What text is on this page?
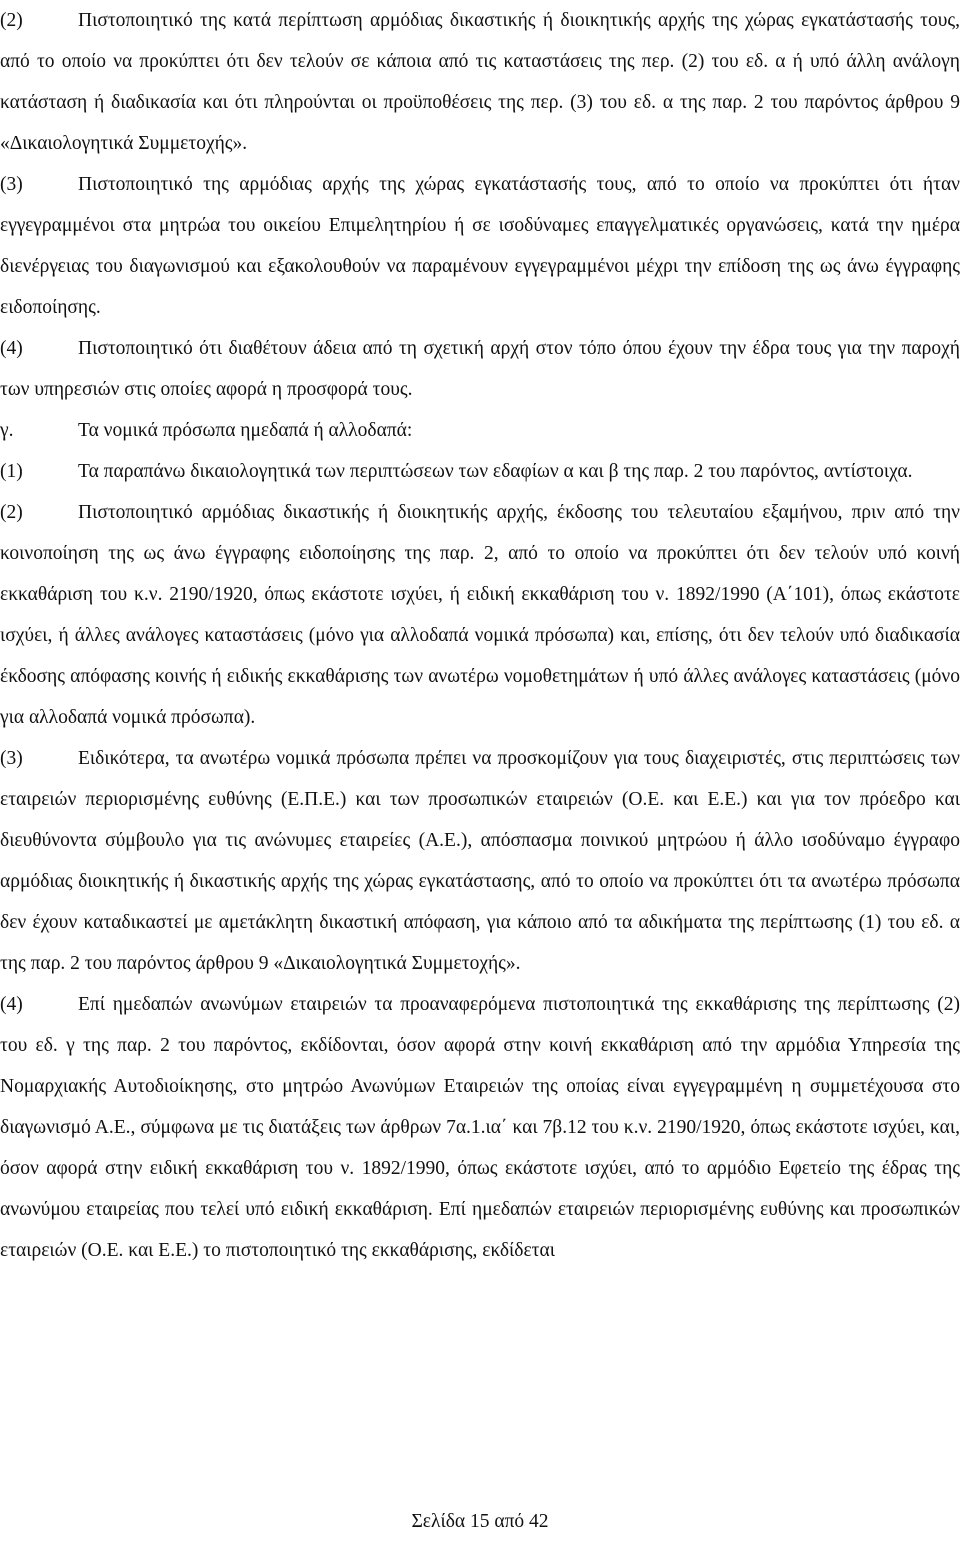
(2)	Πιστοποιητικό της κατά περίπτωση αρμόδιας δικαστικής ή διοικητικής αρχής της χώρας εγκατάστασής τους, από το οποίο να προκύπτει ότι δεν τελούν σε κάποια από τις καταστάσεις της περ. (2) του εδ. α ή υπό άλλη ανάλογη κατάσταση ή διαδικασία και ότι πληρούνται οι προϋποθέσεις της περ. (3) του εδ. α της παρ. 2 του παρόντος άρθρου 9 «Δικαιολογητικά Συμμετοχής».

(3)	Πιστοποιητικό της αρμόδιας αρχής της χώρας εγκατάστασής τους, από το οποίο να προκύπτει ότι ήταν εγγεγραμμένοι στα μητρώα του οικείου Επιμελητηρίου ή σε ισοδύναμες επαγγελματικές οργανώσεις, κατά την ημέρα διενέργειας του διαγωνισμού και εξακολουθούν να παραμένουν εγγεγραμμένοι μέχρι την επίδοση της ως άνω έγγραφης ειδοποίησης.

(4)	Πιστοποιητικό ότι διαθέτουν άδεια από τη σχετική αρχή στον τόπο όπου έχουν την έδρα τους για την παροχή των υπηρεσιών στις οποίες αφορά η προσφορά τους.

γ.	Τα νομικά πρόσωπα ημεδαπά ή αλλοδαπά:

(1)	Τα παραπάνω δικαιολογητικά των περιπτώσεων των εδαφίων α και β της παρ. 2 του παρόντος, αντίστοιχα.

(2)	Πιστοποιητικό αρμόδιας δικαστικής ή διοικητικής αρχής, έκδοσης του τελευταίου εξαμήνου, πριν από την κοινοποίηση της ως άνω έγγραφης ειδοποίησης της παρ. 2, από το οποίο να προκύπτει ότι δεν τελούν υπό κοινή εκκαθάριση του κ.ν. 2190/1920, όπως εκάστοτε ισχύει, ή ειδική εκκαθάριση του ν. 1892/1990 (Α΄101), όπως εκάστοτε ισχύει, ή άλλες ανάλογες καταστάσεις (μόνο για αλλοδαπά νομικά πρόσωπα) και, επίσης, ότι δεν τελούν υπό διαδικασία έκδοσης απόφασης κοινής ή ειδικής εκκαθάρισης των ανωτέρω νομοθετημάτων ή υπό άλλες ανάλογες καταστάσεις (μόνο για αλλοδαπά νομικά πρόσωπα).

(3)	Ειδικότερα, τα ανωτέρω νομικά πρόσωπα πρέπει να προσκομίζουν για τους διαχειριστές, στις περιπτώσεις των εταιρειών περιορισμένης ευθύνης (Ε.Π.Ε.) και των προσωπικών εταιρειών (Ο.Ε. και Ε.Ε.) και για τον πρόεδρο και διευθύνοντα σύμβουλο για τις ανώνυμες εταιρείες (Α.Ε.), απόσπασμα ποινικού μητρώου ή άλλο ισοδύναμο έγγραφο αρμόδιας διοικητικής ή δικαστικής αρχής της χώρας εγκατάστασης, από το οποίο να προκύπτει ότι τα ανωτέρω πρόσωπα δεν έχουν καταδικαστεί με αμετάκλητη δικαστική απόφαση, για κάποιο από τα αδικήματα της περίπτωσης (1) του εδ. α της παρ. 2 του παρόντος άρθρου 9 «Δικαιολογητικά Συμμετοχής».

(4)	Επί ημεδαπών ανωνύμων εταιρειών τα προαναφερόμενα πιστοποιητικά της εκκαθάρισης της περίπτωσης (2) του εδ. γ της παρ. 2 του παρόντος, εκδίδονται, όσον αφορά στην κοινή εκκαθάριση από την αρμόδια Υπηρεσία της Νομαρχιακής Αυτοδιοίκησης, στο μητρώο Ανωνύμων Εταιρειών της οποίας είναι εγγεγραμμένη η συμμετέχουσα στο διαγωνισμό Α.Ε., σύμφωνα με τις διατάξεις των άρθρων 7α.1.ια΄ και 7β.12 του κ.ν. 2190/1920, όπως εκάστοτε ισχύει, και, όσον αφορά στην ειδική εκκαθάριση του ν. 1892/1990, όπως εκάστοτε ισχύει, από το αρμόδιο Εφετείο της έδρας της ανωνύμου εταιρείας που τελεί υπό ειδική εκκαθάριση. Επί ημεδαπών εταιρειών περιορισμένης ευθύνης και προσωπικών εταιρειών (Ο.Ε. και Ε.Ε.) το πιστοποιητικό της εκκαθάρισης, εκδίδεται

Σελίδα 15 από 42
